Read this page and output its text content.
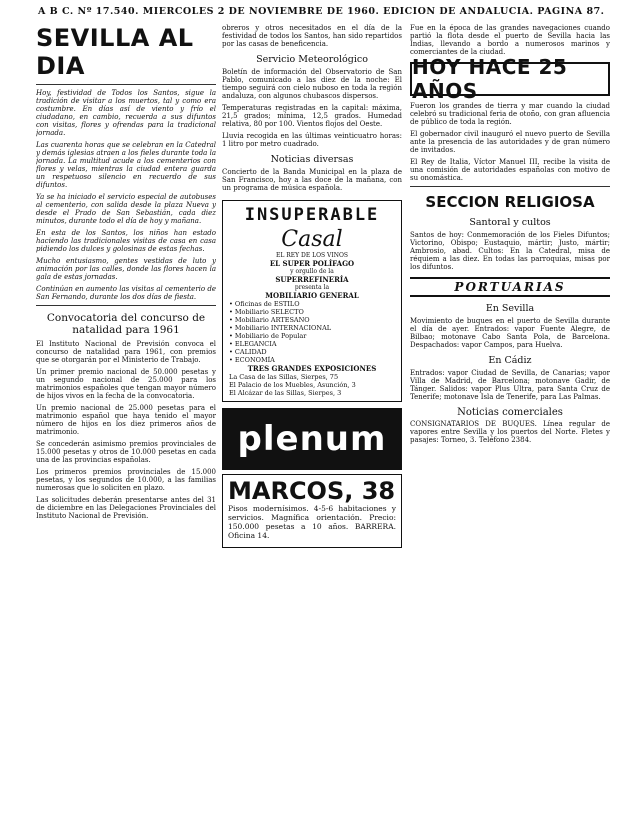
A B C. Nº 17.540. MIERCOLES 2 DE NOVIEMBRE DE 1960. EDICION DE ANDALUCIA. PAGINA 87.
SEVILLA AL DIA

Hoy, festividad de Todos los Santos, sigue la tradición de visitar a los muertos, tal y como era costumbre. En días así de viento y frío el ciudadano, en cambio, recuerda a sus difuntos con visitas, flores y ofrendas para la tradicional jornada.

Las cuarenta horas que se celebran en la Catedral y demás iglesias atraen a los fieles durante toda la jornada. La multitud acude a los cementerios con flores y velas, mientras la ciudad entera guarda un respetuoso silencio en recuerdo de sus difuntos.

Ya se ha iniciado el servicio especial de autobuses al cementerio, con salida desde la plaza Nueva y desde el Prado de San Sebastián, cada diez minutos, durante todo el día de hoy y mañana.

En esta de los Santos, los niños han estado haciendo las tradicionales visitas de casa en casa pidiendo los dulces y golosinas de estas fechas.

Mucho entusiasmo, gentes vestidas de luto y animación por las calles, donde las flores hacen la gala de estas jornadas.

Continúan en aumento las visitas al cementerio de San Fernando, durante los dos días de fiesta.

Convocatoria del concurso de natalidad para 1961

El Instituto Nacional de Previsión convoca el concurso de natalidad para 1961, con premios que se otorgarán por el Ministerio de Trabajo.

Un primer premio nacional de 50.000 pesetas y un segundo nacional de 25.000 para los matrimonios españoles que tengan mayor número de hijos vivos en la fecha de la convocatoria.

Un premio nacional de 25.000 pesetas para el matrimonio español que haya tenido el mayor número de hijos en los diez primeros años de matrimonio.

Se concederán asimismo premios provinciales de 15.000 pesetas y otros de 10.000 pesetas en cada una de las provincias españolas.

Los primeros premios provinciales de 15.000 pesetas, y los segundos de 10.000, a las familias numerosas que lo soliciten en plazo.

Las solicitudes deberán presentarse antes del 31 de diciembre en las Delegaciones Provinciales del Instituto Nacional de Previsión.

obreros y otros necesitados en el día de la festividad de todos los Santos, han sido repartidos por las casas de beneficencia.

Servicio Meteorológico

Boletín de información del Observatorio de San Pablo, comunicado a las diez de la noche: El tiempo seguirá con cielo nuboso en toda la región andaluza, con algunos chubascos dispersos.

Temperaturas registradas en la capital: máxima, 21,5 grados; mínima, 12,5 grados. Humedad relativa, 80 por 100. Vientos flojos del Oeste.

Lluvia recogida en las últimas veinticuatro horas: 1 litro por metro cuadrado.

Noticias diversas

Concierto de la Banda Municipal en la plaza de San Francisco, hoy a las doce de la mañana, con un programa de música española.

INSUPERABLE
Casal
EL REY DE LOS VINOS
EL SUPER POLÍFAGO
y orgullo de la
SUPERREFINERÍA
presenta la
MOBILIARIO GENERAL
• Oficinas de ESTILO
• Mobiliario SELECTO
• Mobiliario ARTESANO
• Mobiliario INTERNACIONAL
• Mobiliario de Popular
• ELEGANCIA
• CALIDAD
• ECONOMÍA
TRES GRANDES EXPOSICIONES
La Casa de las Sillas, Sierpes, 75
El Palacio de los Muebles, Asunción, 3
El Alcázar de las Sillas, Sierpes, 3
plenum
MARCOS, 38

Pisos modernísimos. 4-5-6 habitaciones y servicios. Magnífica orientación. Precio: 150.000 pesetas a 10 años. BARRERA. Oficina 14.

Fue en la época de las grandes navegaciones cuando partió la flota desde el puerto de Sevilla hacia las Indias, llevando a bordo a numerosos marinos y comerciantes de la ciudad.

HOY HACE 25 AÑOS

Fueron los grandes de tierra y mar cuando la ciudad celebró su tradicional feria de otoño, con gran afluencia de público de toda la región.

El gobernador civil inauguró el nuevo puerto de Sevilla ante la presencia de las autoridades y de gran número de invitados.

El Rey de Italia, Víctor Manuel III, recibe la visita de una comisión de autoridades españolas con motivo de su onomástica.

SECCION RELIGIOSA
Santoral y cultos

Santos de hoy: Conmemoración de los Fieles Difuntos; Victorino, Obispo; Eustaquio, mártir; Justo, mártir; Ambrosio, abad. Cultos: En la Catedral, misa de réquiem a las diez. En todas las parroquias, misas por los difuntos.

PORTUARIAS
En Sevilla

Movimiento de buques en el puerto de Sevilla durante el día de ayer. Entrados: vapor Fuente Alegre, de Bilbao; motonave Cabo Santa Pola, de Barcelona. Despachados: vapor Campos, para Huelva.

En Cádiz

Entrados: vapor Ciudad de Sevilla, de Canarias; vapor Villa de Madrid, de Barcelona; motonave Gadir, de Tánger. Salidos: vapor Plus Ultra, para Santa Cruz de Tenerife; motonave Isla de Tenerife, para Las Palmas.

Noticias comerciales

CONSIGNATARIOS DE BUQUES. Línea regular de vapores entre Sevilla y los puertos del Norte. Fletes y pasajes: Torneo, 3. Teléfono 2384.
